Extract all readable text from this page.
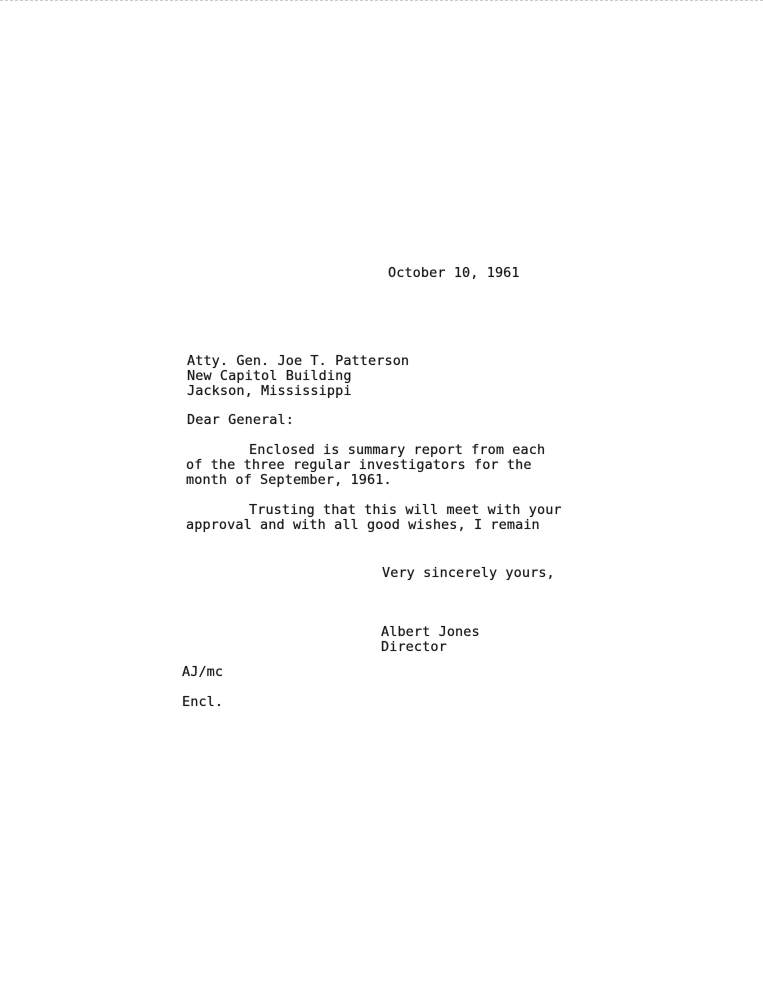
October 10, 1961
Atty. Gen. Joe T. Patterson
New Capitol Building
Jackson, Mississippi
Dear General:
Enclosed is summary report from each
of the three regular investigators for the
month of September, 1961.
Trusting that this will meet with your
approval and with all good wishes, I remain
Very sincerely yours,
Albert Jones
Director
AJ/mc
Encl.
